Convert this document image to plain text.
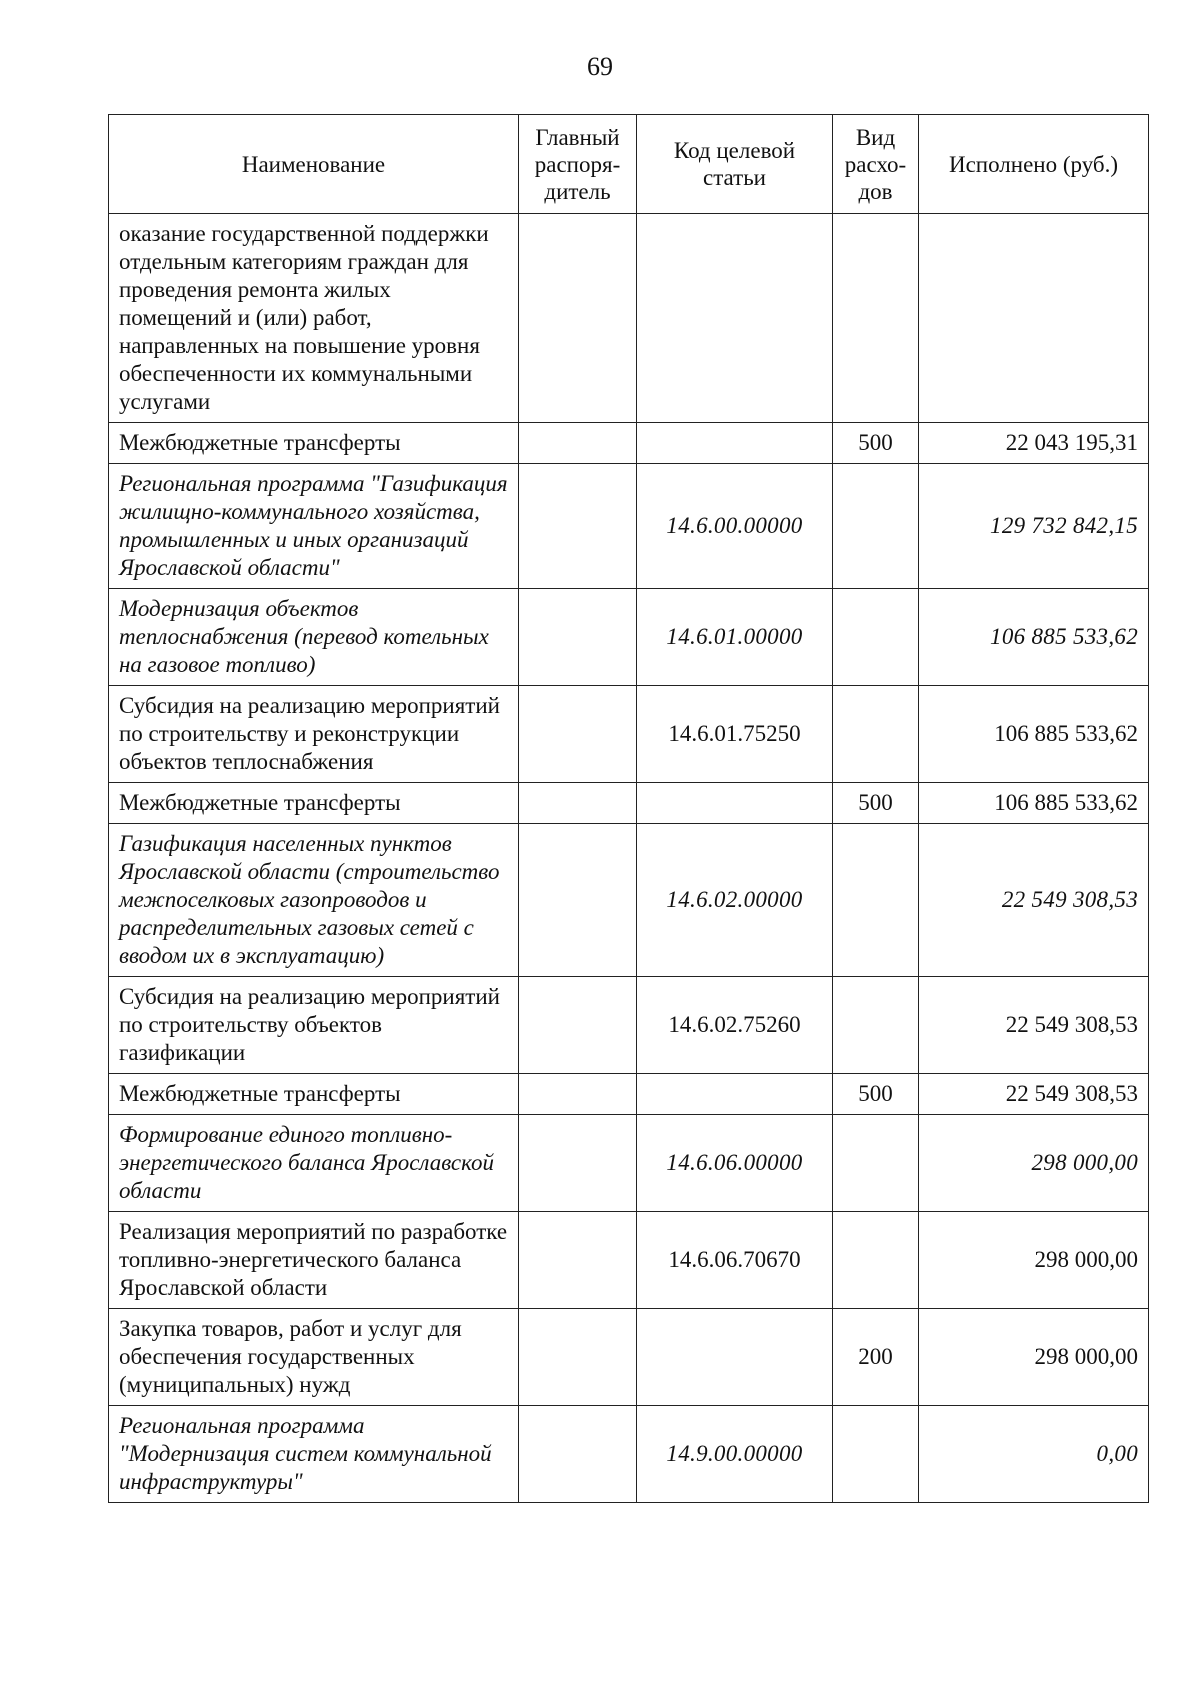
69
Наименование	Главный распоря-дитель	Код целевой статьи	Вид расхо-дов	Исполнено (руб.)
оказание государственной поддержки отдельным категориям граждан для проведения ремонта жилых помещений и (или) работ, направленных на повышение уровня обеспеченности их коммунальными услугами				
Межбюджетные трансферты			500	22 043 195,31
Региональная программа "Газификация жилищно-коммунального хозяйства, промышленных и иных организаций Ярославской области"		14.6.00.00000		129 732 842,15
Модернизация объектов теплоснабжения (перевод котельных на газовое топливо)		14.6.01.00000		106 885 533,62
Субсидия на реализацию мероприятий по строительству и реконструкции объектов теплоснабжения		14.6.01.75250		106 885 533,62
Межбюджетные трансферты			500	106 885 533,62
Газификация населенных пунктов Ярославской области (строительство межпоселковых газопроводов и распределительных газовых сетей с вводом их в эксплуатацию)		14.6.02.00000		22 549 308,53
Субсидия на реализацию мероприятий по строительству объектов газификации		14.6.02.75260		22 549 308,53
Межбюджетные трансферты			500	22 549 308,53
Формирование единого топливно-энергетического баланса Ярославской области		14.6.06.00000		298 000,00
Реализация мероприятий по разработке топливно-энергетического баланса Ярославской области		14.6.06.70670		298 000,00
Закупка товаров, работ и услуг для обеспечения государственных (муниципальных) нужд			200	298 000,00
Региональная программа "Модернизация систем коммунальной инфраструктуры"		14.9.00.00000		0,00
